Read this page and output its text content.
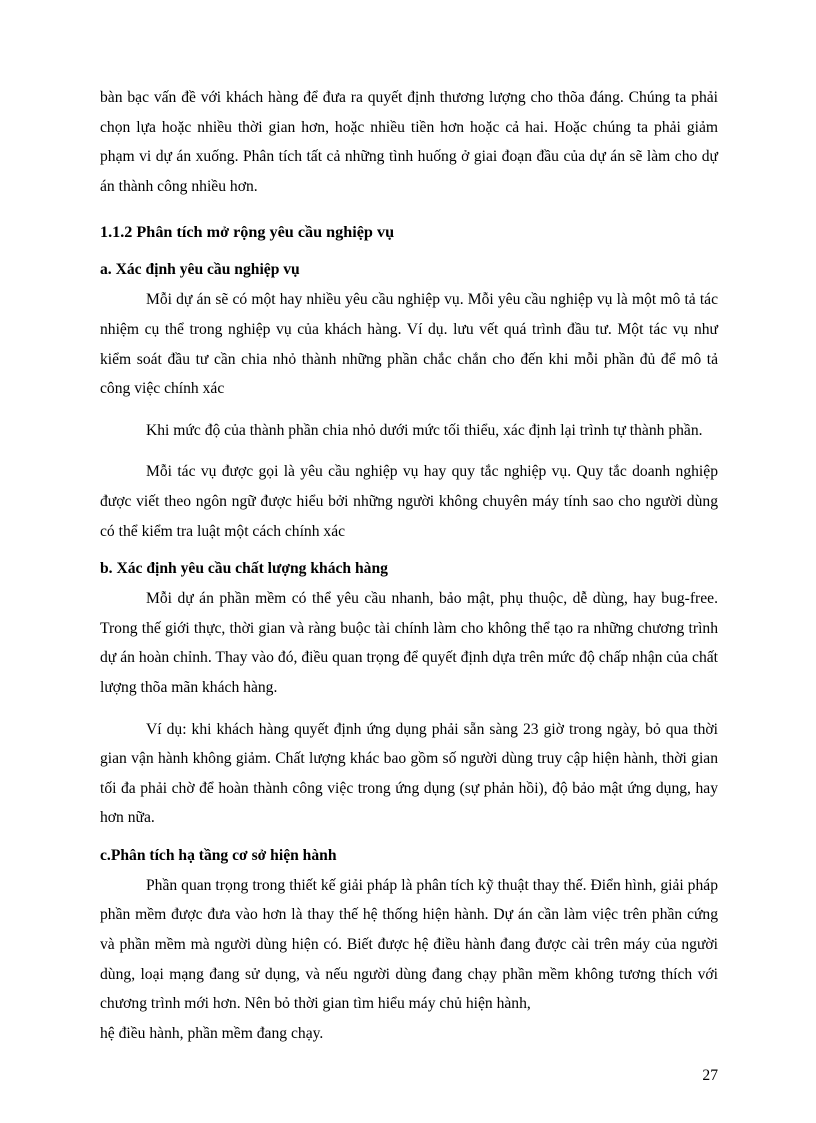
bàn bạc vấn đề với khách hàng để đưa ra quyết định thương lượng cho thõa đáng. Chúng ta phải chọn lựa hoặc nhiều thời gian hơn, hoặc nhiều tiền hơn hoặc cả hai. Hoặc chúng ta phải giảm phạm vi dự án xuống. Phân tích tất cả những tình huống ở giai đoạn đầu của dự án sẽ làm cho dự án thành công nhiều hơn.

1.1.2 Phân tích mở rộng yêu cầu nghiệp vụ
a. Xác định yêu cầu nghiệp vụ

Mỗi dự án sẽ có một hay nhiều yêu cầu nghiệp vụ. Mỗi yêu cầu nghiệp vụ là một mô tả tác nhiệm cụ thể trong nghiệp vụ của khách hàng. Ví dụ. lưu vết quá trình đầu tư. Một tác vụ như kiểm soát đầu tư cần chia nhỏ thành những phần chắc chắn cho đến khi mỗi phần đủ để mô tả công việc chính xác

Khi mức độ của thành phần chia nhỏ dưới mức tối thiểu, xác định lại trình tự thành phần.

Mỗi tác vụ được gọi là yêu cầu nghiệp vụ hay quy tắc nghiệp vụ. Quy tắc doanh nghiệp được viết theo ngôn ngữ được hiểu bởi những người không chuyên máy tính sao cho người dùng có thể kiểm tra luật một cách chính xác

b. Xác định yêu cầu chất lượng khách hàng

Mỗi dự án phần mềm có thể yêu cầu nhanh, bảo mật, phụ thuộc, dễ dùng, hay bug-free. Trong thế giới thực, thời gian và ràng buộc tài chính làm cho không thể tạo ra những chương trình dự án hoàn chỉnh. Thay vào đó, điều quan trọng để quyết định dựa trên mức độ chấp nhận của chất lượng thõa mãn khách hàng.

Ví dụ: khi khách hàng quyết định ứng dụng phải sẵn sàng 23 giờ trong ngày, bỏ qua thời gian vận hành không giảm. Chất lượng khác bao gồm số người dùng truy cập hiện hành, thời gian tối đa phải chờ để hoàn thành công việc trong ứng dụng (sự phản hồi), độ bảo mật ứng dụng, hay hơn nữa.

c.Phân tích hạ tầng cơ sở hiện hành

Phần quan trọng trong thiết kế giải pháp là phân tích kỹ thuật thay thế. Điển hình, giải pháp phần mềm được đưa vào hơn là thay thế hệ thống hiện hành. Dự án cần làm việc trên phần cứng và phần mềm mà người dùng hiện có. Biết được hệ điều hành đang được cài trên máy của người dùng, loại mạng đang sử dụng, và nếu người dùng đang chạy phần mềm không tương thích với chương trình mới hơn. Nên bỏ thời gian tìm hiểu máy chủ hiện hành,

hệ điều hành, phần mềm đang chạy.

27
